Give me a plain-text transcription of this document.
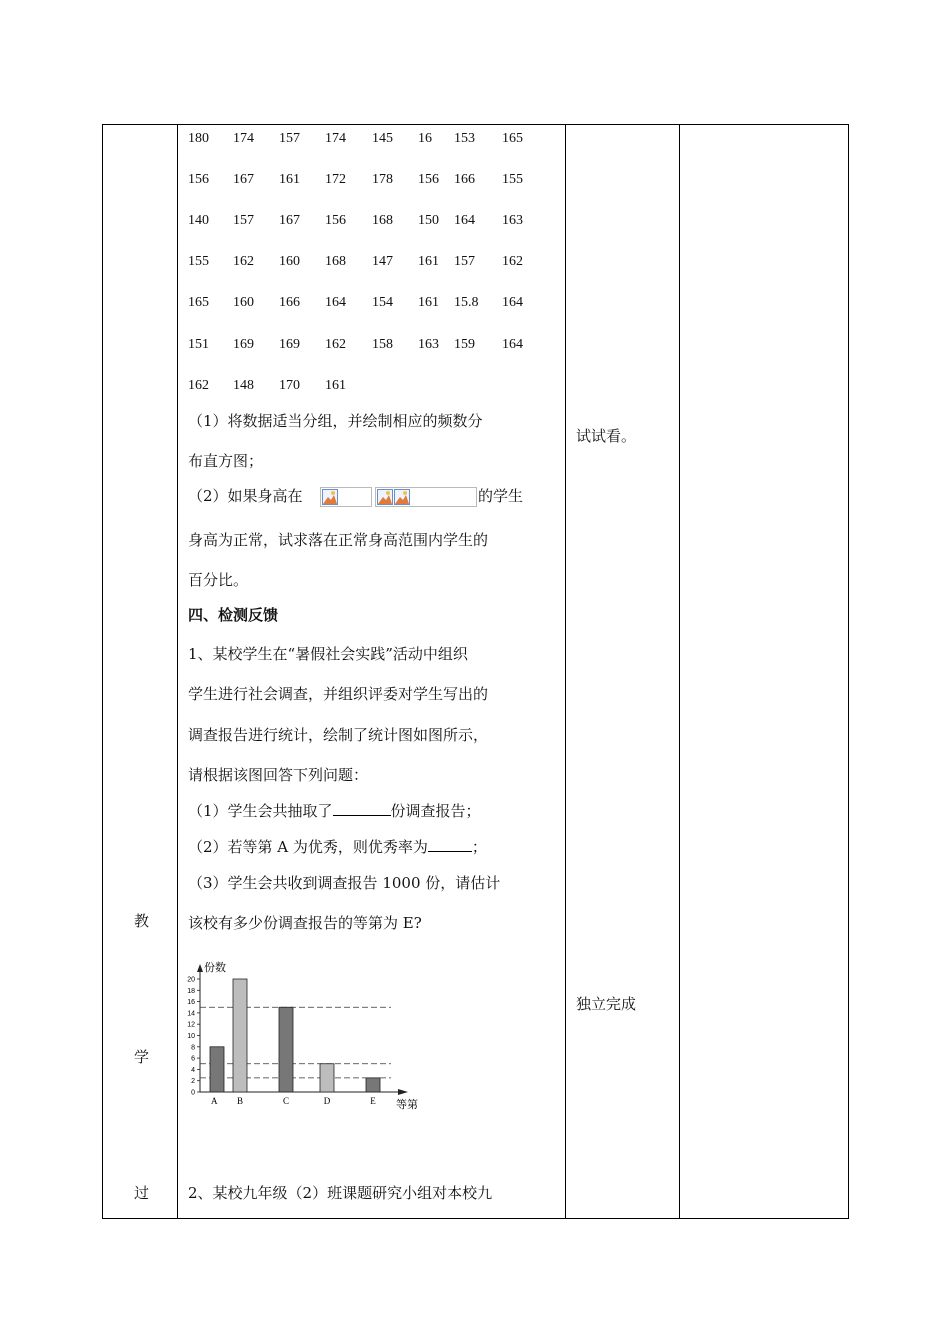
教
学
过
180 174 157 174 145 16 153 165
156 167 161 172 178 156 166 155
140 157 167 156 168 150 164 163
155 162 160 168 147 161 157 162
165 160 166 164 154 161 15.8 164
151 169 169 162 158 163 159 164
162 148 170 161
（1）将数据适当分组，并绘制相应的频数分
布直方图；
（2）如果身高在	的学生
身高为正常，试求落在正常身高范围内学生的
百分比。
四、检测反馈
1、某校学生在“暑假社会实践”活动中组织
学生进行社会调查，并组织评委对学生写出的
调查报告进行统计，绘制了统计图如图所示，
请根据该图回答下列问题：
（1）学生会共抽取了	份调查报告；
（2）若等第 A 为优秀，则优秀率为	；
（3）学生会共收到调查报告 1000 份，请估计
该校有多少份调查报告的等第为 E?
0
2
4
6
8
10
12
14
16
18
20
份数
等第
A B	C	D	E
2、某校九年级（2）班课题研究小组对本校九
试试看。
独立完成
